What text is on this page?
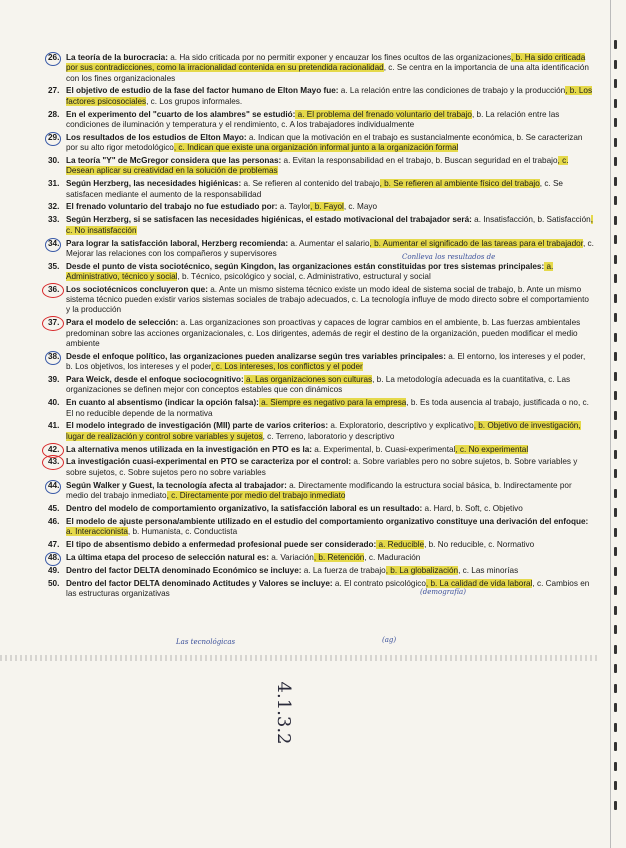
26. La teoría de la burocracia: a. Ha sido criticada por no permitir exponer y encauzar los fines ocultos de las organizaciones, b. Ha sido criticada por sus contradicciones, como la irracionalidad contenida en su pretendida racionalidad, c. Se centra en la importancia de una alta identificación con los fines organizacionales
27. El objetivo de estudio de la fase del factor humano de Elton Mayo fue: a. La relación entre las condiciones de trabajo y la producción, b. Los factores psicosociales, c. Los grupos informales.
28. En el experimento del "cuarto de los alambres" se estudió: a. El problema del frenado voluntario del trabajo, b. La relación entre las condiciones de iluminación y temperatura y el rendimiento, c. A los trabajadores individualmente
29. Los resultados de los estudios de Elton Mayo: a. Indican que la motivación en el trabajo es sustancialmente económica, b. Se caracterizan por su alto rigor metodológico, c. Indican que existe una organización informal junto a la organización formal
30. La teoría "Y" de McGregor considera que las personas: a. Evitan la responsabilidad en el trabajo, b. Buscan seguridad en el trabajo, c. Desean aplicar su creatividad en la solución de problemas
31. Según Herzberg, las necesidades higiénicas: a. Se refieren al contenido del trabajo, b. Se refieren al ambiente físico del trabajo, c. Se satisfacen mediante el aumento de la responsabilidad
32. El frenado voluntario del trabajo no fue estudiado por: a. Taylor, b. Fayol, c. Mayo
33. Según Herzberg, si se satisfacen las necesidades higiénicas, el estado motivacional del trabajador será: a. Insatisfacción, b. Satisfacción, c. No insatisfacción
34. Para lograr la satisfacción laboral, Herzberg recomienda: a. Aumentar el salario, b. Aumentar el significado de las tareas para el trabajador, c. Mejorar las relaciones con los compañeros y supervisores
35. Desde el punto de vista sociotécnico, según Kingdon, las organizaciones están constituidas por tres sistemas principales: a. Administrativo, técnico y social, b. Técnico, psicológico y social, c. Administrativo, estructural y social
36. Los sociotécnicos concluyeron que: a. Ante un mismo sistema técnico existe un modo ideal de sistema social de trabajo, b. Ante un mismo sistema técnico pueden existir varios sistemas sociales de trabajo adecuados, c. La tecnología influye de modo directo sobre el comportamiento y la producción
37. Para el modelo de selección: a. Las organizaciones son proactivas y capaces de lograr cambios en el ambiente, b. Las fuerzas ambientales predominan sobre las acciones organizacionales, c. Los dirigentes, además de regir el destino de la organización, pueden modificar el medio ambiente
38. Desde el enfoque político, las organizaciones pueden analizarse según tres variables principales: a. El entorno, los intereses y el poder, b. Los objetivos, los intereses y el poder, c. Los intereses, los conflictos y el poder
39. Para Weick, desde el enfoque sociocognitivo: a. Las organizaciones son culturas, b. La metodología adecuada es la cuantitativa, c. Las organizaciones se definen mejor con conceptos estables que con dinámicos
40. En cuanto al absentismo (indicar la opción falsa): a. Siempre es negativo para la empresa, b. Es toda ausencia al trabajo, justificada o no, c. El no reducible depende de la normativa
41. El modelo integrado de investigación (MII) parte de varios criterios: a. Exploratorio, descriptivo y explicativo, b. Objetivo de investigación, lugar de realización y control sobre variables y sujetos, c. Terreno, laboratorio y descriptivo
42. La alternativa menos utilizada en la investigación en PTO es la: a. Experimental, b. Cuasi-experimental, c. No experimental
43. La investigación cuasi-experimental en PTO se caracteriza por el control: a. Sobre variables pero no sobre sujetos, b. Sobre variables y sobre sujetos, c. Sobre sujetos pero no sobre variables
44. Según Walker y Guest, la tecnología afecta al trabajador: a. Directamente modificando la estructura social básica, b. Indirectamente por medio del trabajo inmediato, c. Directamente por medio del trabajo inmediato
45. Dentro del modelo de comportamiento organizativo, la satisfacción laboral es un resultado: a. Hard, b. Soft, c. Objetivo
46. El modelo de ajuste persona/ambiente utilizado en el estudio del comportamiento organizativo constituye una derivación del enfoque: a. Interaccionista, b. Humanista, c. Conductista
47. El tipo de absentismo debido a enfermedad profesional puede ser considerado: a. Reducible, b. No reducible, c. Normativo
48. La última etapa del proceso de selección natural es: a. Variación, b. Retención, c. Maduración
49. Dentro del factor DELTA denominado Económico se incluye: a. La fuerza de trabajo, b. La globalización, c. Las minorías
50. Dentro del factor DELTA denominado Actitudes y Valores se incluye: a. El contrato psicológico, b. La calidad de vida laboral, c. Cambios en las estructuras organizativas
Conlleva los resultados de
(demografía)
Las tecnológicas	(ag)
4.1.3.2
